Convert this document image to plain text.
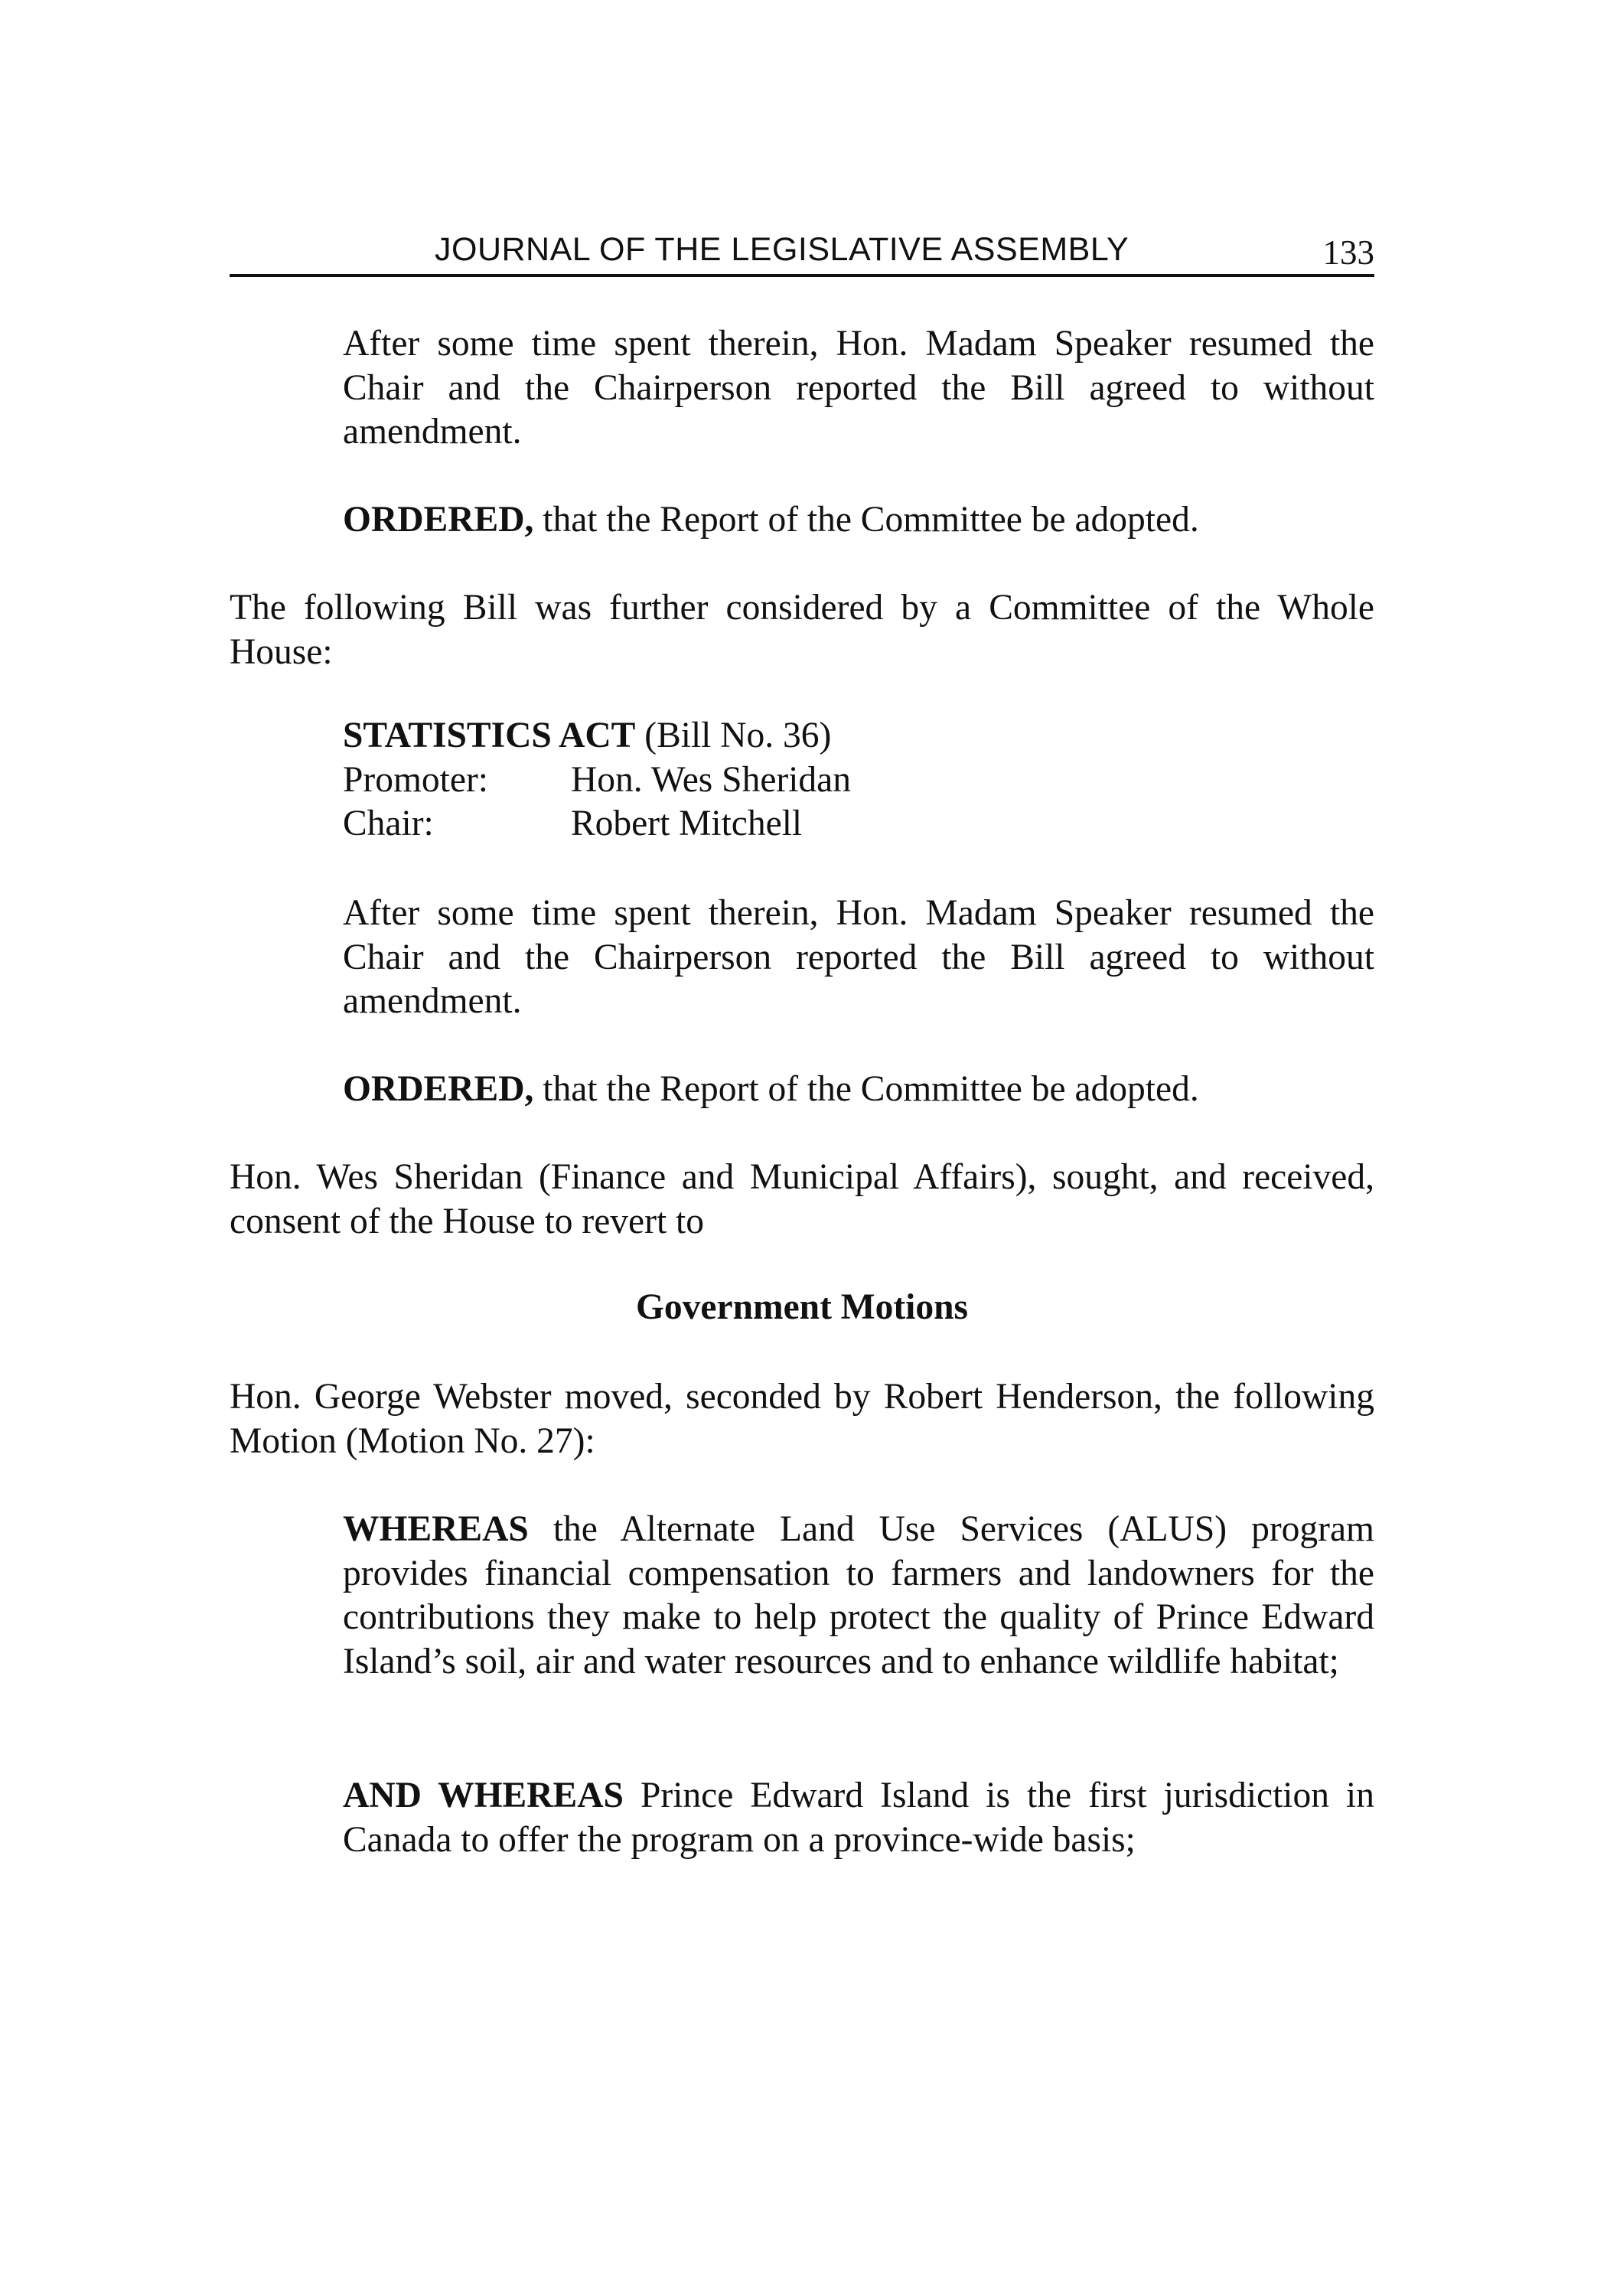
JOURNAL OF THE LEGISLATIVE ASSEMBLY	133

After some time spent therein, Hon. Madam Speaker resumed the Chair and the Chairperson reported the Bill agreed to without amendment.

ORDERED, that the Report of the Committee be adopted.

The following Bill was further considered by a Committee of the Whole House:

STATISTICS ACT (Bill No. 36)
Promoter: Hon. Wes Sheridan
Chair:	Robert Mitchell

After some time spent therein, Hon. Madam Speaker resumed the Chair and the Chairperson reported the Bill agreed to without amendment.

ORDERED, that the Report of the Committee be adopted.

Hon. Wes Sheridan (Finance and Municipal Affairs), sought, and received, consent of the House to revert to

Government Motions

Hon. George Webster moved, seconded by Robert Henderson, the following Motion (Motion No. 27):

WHEREAS the Alternate Land Use Services (ALUS) program provides financial compensation to farmers and landowners for the contributions they make to help protect the quality of Prince Edward Island’s soil, air and water resources and to enhance wildlife habitat;

AND WHEREAS Prince Edward Island is the first jurisdiction in Canada to offer the program on a province-wide basis;
